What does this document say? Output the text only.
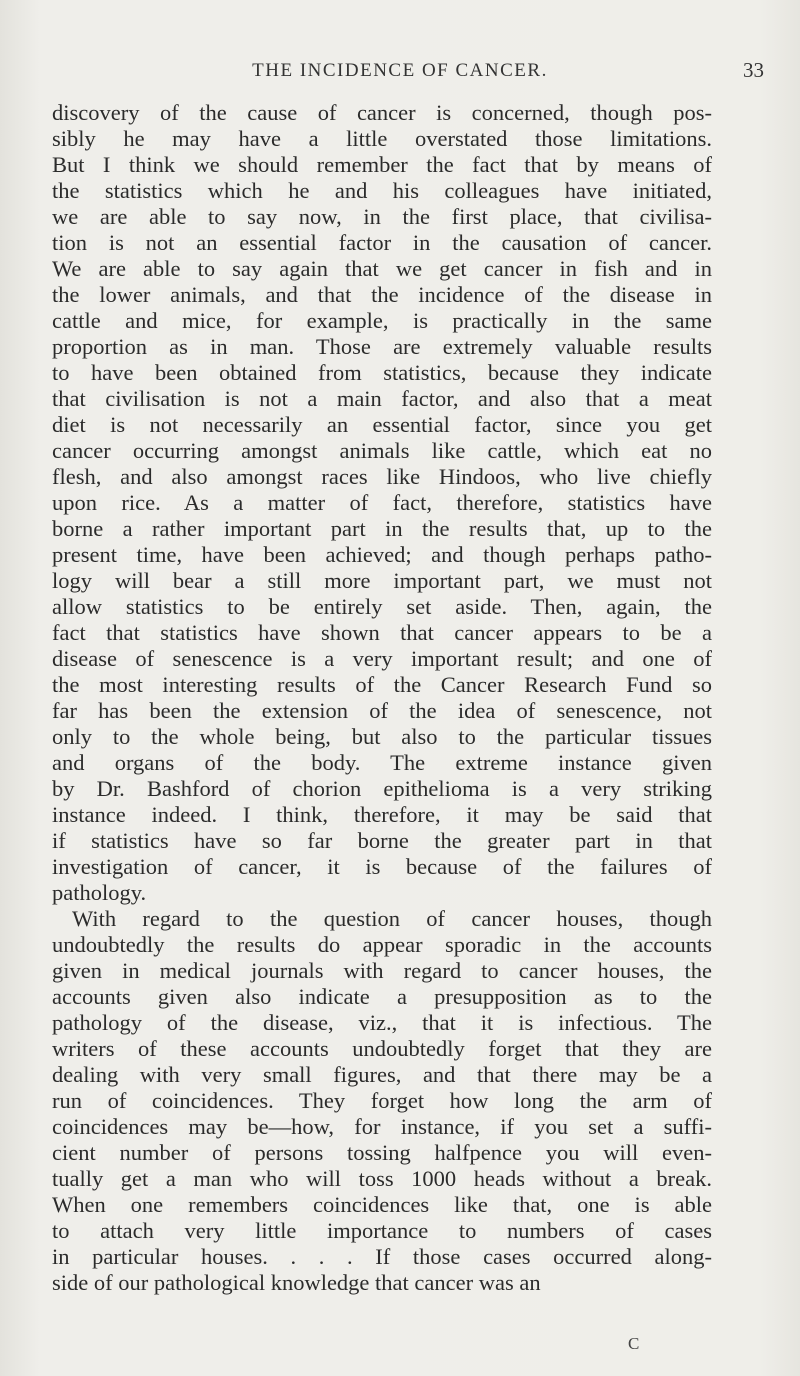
THE INCIDENCE OF CANCER.	33
discovery of the cause of cancer is concerned, though pos-
sibly he may have a little overstated those limitations.
But I think we should remember the fact that by means of
the statistics which he and his colleagues have initiated,
we are able to say now, in the first place, that civilisa-
tion is not an essential factor in the causation of cancer.
We are able to say again that we get cancer in fish and in
the lower animals, and that the incidence of the disease in
cattle and mice, for example, is practically in the same
proportion as in man. Those are extremely valuable results
to have been obtained from statistics, because they indicate
that civilisation is not a main factor, and also that a meat
diet is not necessarily an essential factor, since you get
cancer occurring amongst animals like cattle, which eat no
flesh, and also amongst races like Hindoos, who live chiefly
upon rice. As a matter of fact, therefore, statistics have
borne a rather important part in the results that, up to the
present time, have been achieved; and though perhaps patho-
logy will bear a still more important part, we must not
allow statistics to be entirely set aside. Then, again, the
fact that statistics have shown that cancer appears to be a
disease of senescence is a very important result; and one of
the most interesting results of the Cancer Research Fund so
far has been the extension of the idea of senescence, not
only to the whole being, but also to the particular tissues
and organs of the body. The extreme instance given
by Dr. Bashford of chorion epithelioma is a very striking
instance indeed. I think, therefore, it may be said that
if statistics have so far borne the greater part in that
investigation of cancer, it is because of the failures of
pathology.
With regard to the question of cancer houses, though
undoubtedly the results do appear sporadic in the accounts
given in medical journals with regard to cancer houses, the
accounts given also indicate a presupposition as to the
pathology of the disease, viz., that it is infectious. The
writers of these accounts undoubtedly forget that they are
dealing with very small figures, and that there may be a
run of coincidences. They forget how long the arm of
coincidences may be—how, for instance, if you set a suffi-
cient number of persons tossing halfpence you will even-
tually get a man who will toss 1000 heads without a break.
When one remembers coincidences like that, one is able
to attach very little importance to numbers of cases
in particular houses. . . . If those cases occurred along-
side of our pathological knowledge that cancer was an
C
